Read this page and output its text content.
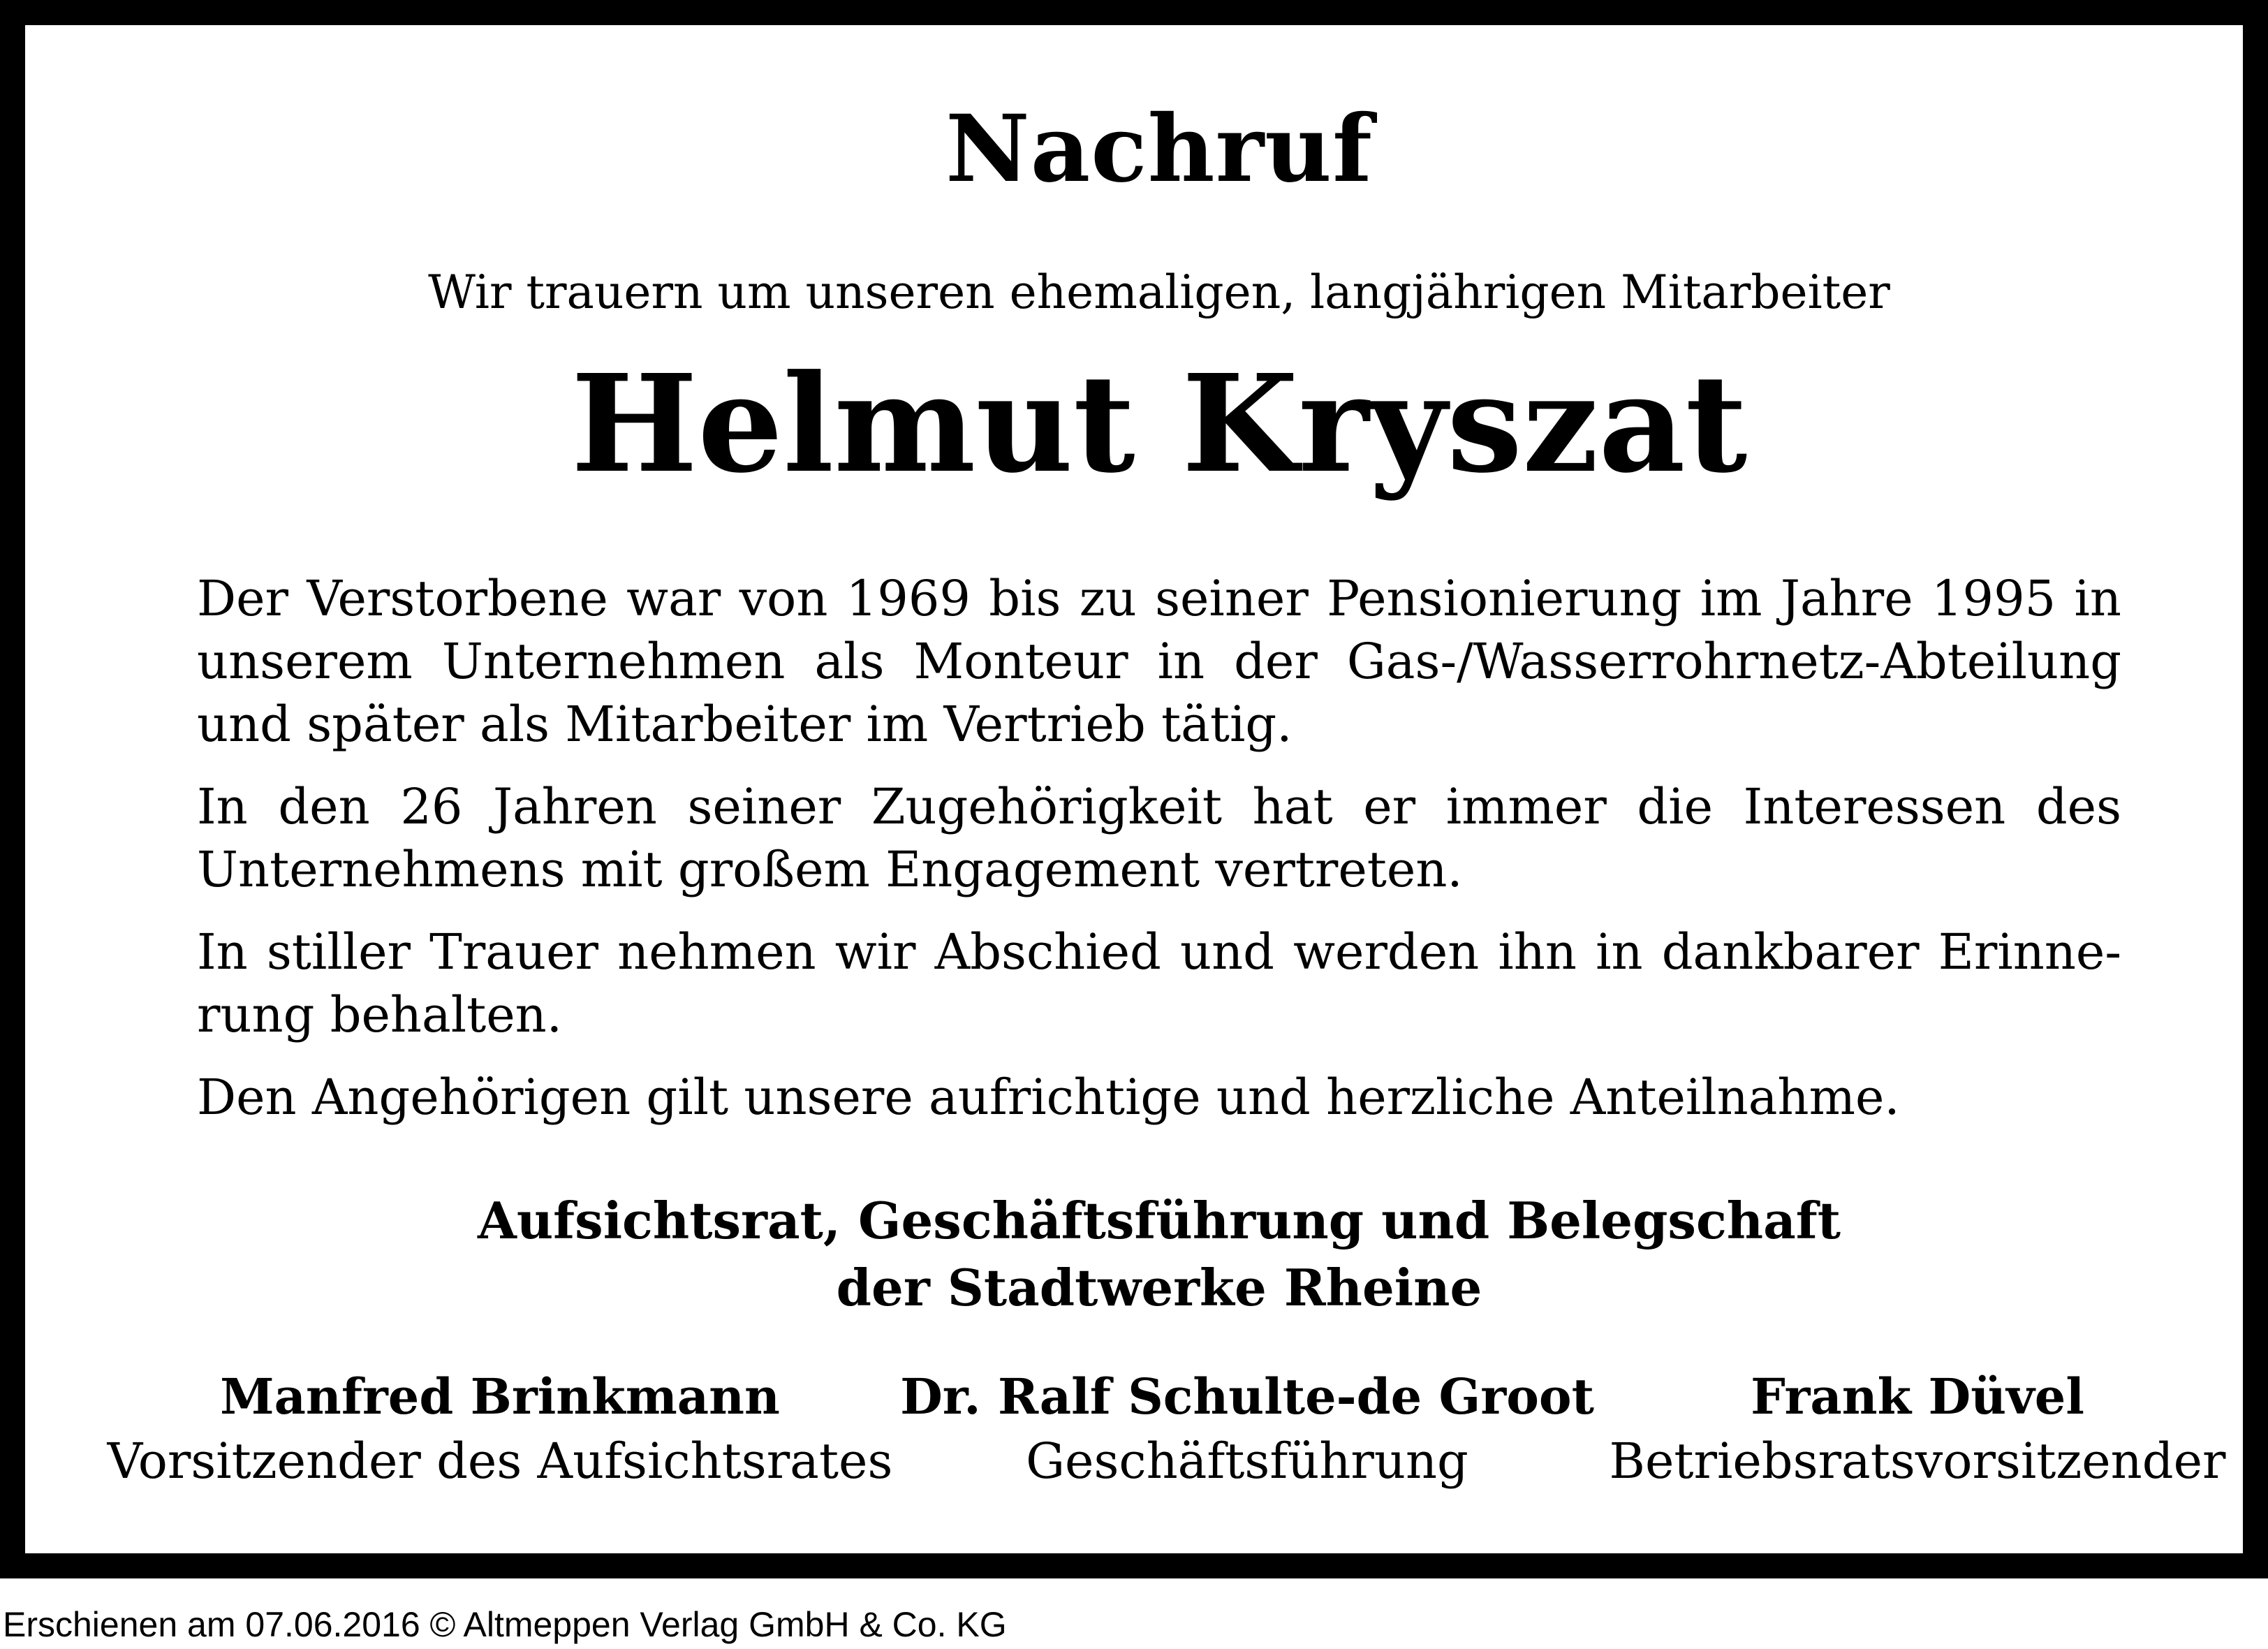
Nachruf
Wir trauern um unseren ehemaligen, langjährigen Mitarbeiter
Helmut Kryszat

Der Verstorbene war von 1969 bis zu seiner Pensionierung im Jahre 1995 in unserem Unternehmen als Monteur in der Gas-/Wasserrohrnetz-Abteilung und später als Mitarbeiter im Vertrieb tätig.

In den 26 Jahren seiner Zugehörigkeit hat er immer die Interessen des Unternehmens mit großem Engagement vertreten.

In stiller Trauer nehmen wir Abschied und werden ihn in dankbarer Erinnerung behalten.

Den Angehörigen gilt unsere aufrichtige und herzliche Anteilnahme.

Aufsichtsrat, Geschäftsführung und Belegschaft
der Stadtwerke Rheine
Manfred Brinkmann
Vorsitzender des Aufsichtsrates
Dr. Ralf Schulte-de Groot
Geschäftsführung
Frank Düvel
Betriebsratsvorsitzender
Erschienen am 07.06.2016 © Altmeppen Verlag GmbH & Co. KG
